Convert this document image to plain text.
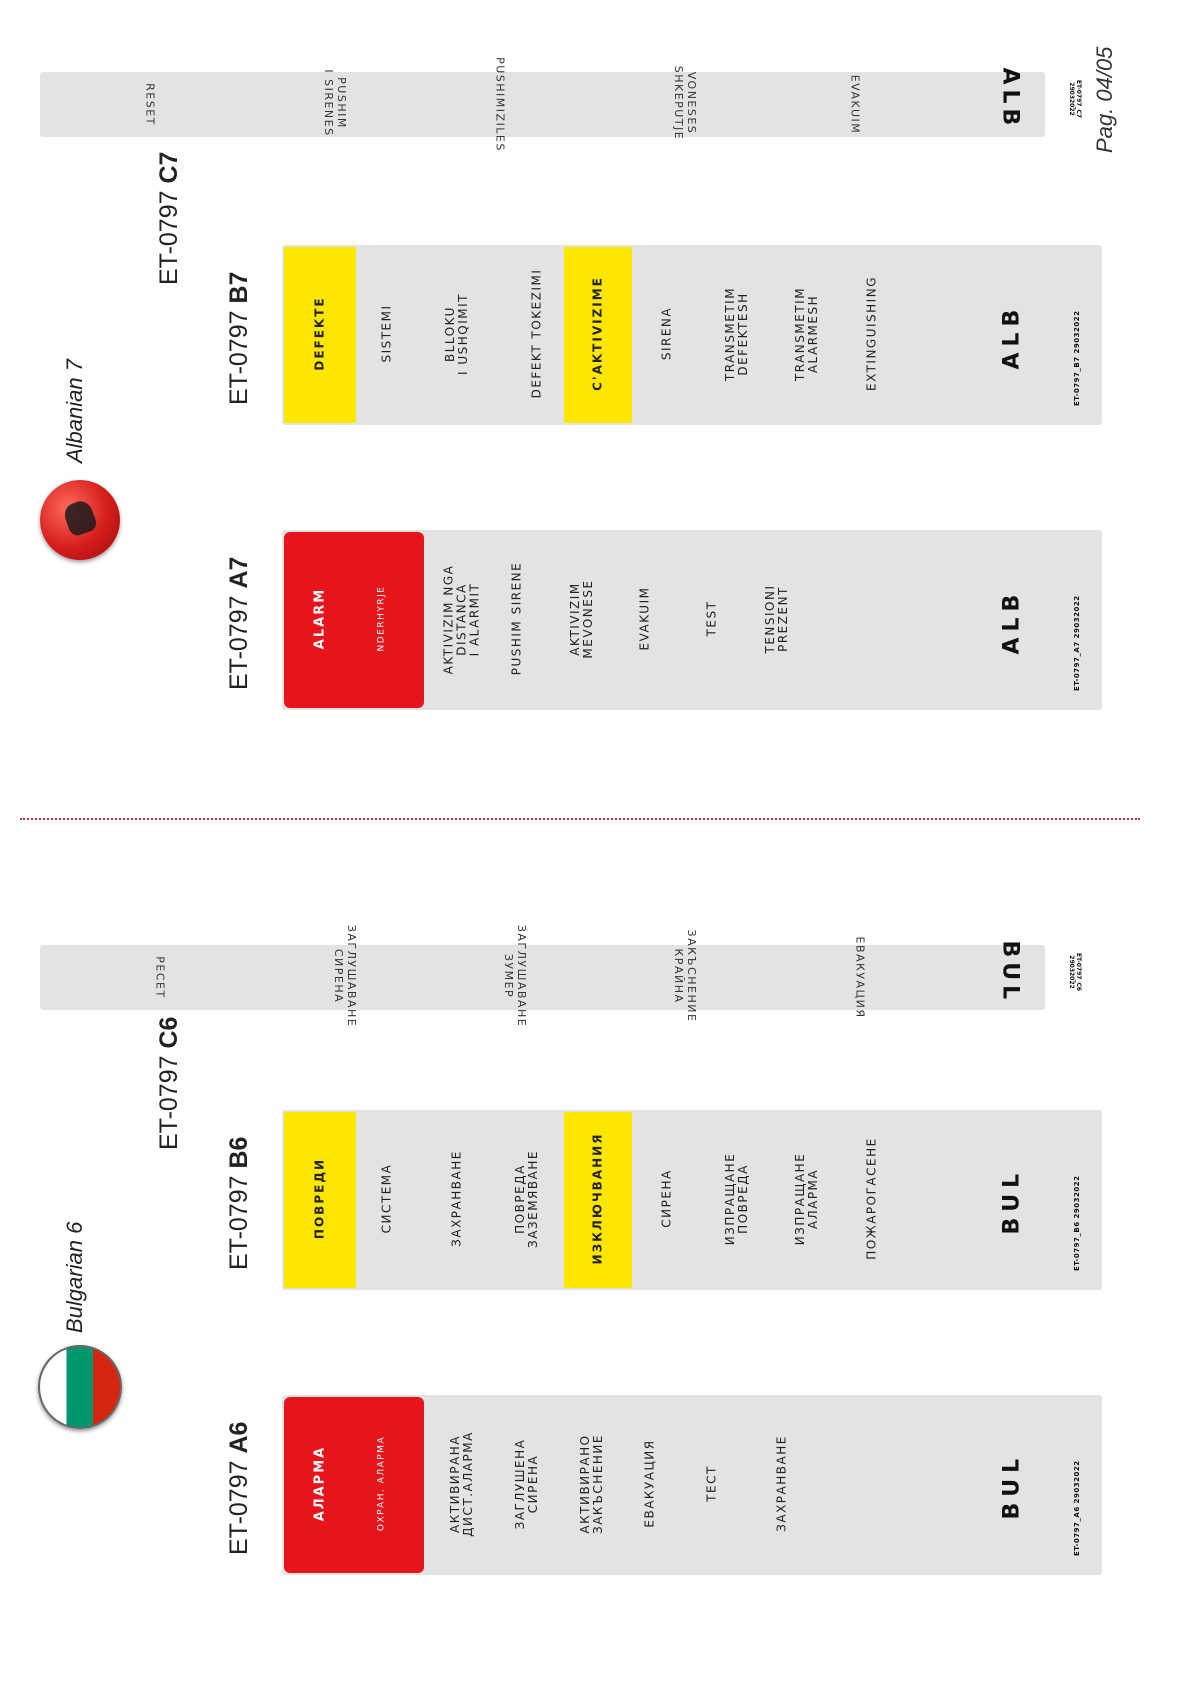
Pag. 04/05
RESET	PUSHIM
I SIRENES	PUSHIMIZILES	VONESES
SHKEPUTJE	EVAKUIM	ALB	ET-0797_C7
29032022
ET-0797 C7
Albanian 7
ET-0797 B7
DEFEKTE	SISTEMI	BLLOKU
I USHQIMIT	DEFEKT TOKEZIMI	C'AKTIVIZIME	SIRENA	TRANSMETIM
DEFEKTESH	TRANSMETIM
ALARMESH	EXTINGUISHING	ALB	ET-0797_B7 29032022
ET-0797 A7
ALARM	NDERHYRJE	AKTIVIZIM NGA
DISTANCA
I ALARMIT PUSHIM SIRENE	AKTIVIZIM
MEVONESE	EVAKUIM	TEST	TENSIONI
PREZENT	ALB	ET-0797_A7 29032022
РЕСЕТ	ЗАГЛУШАВАНЕ
СИРЕНА	ЗАГЛУШАВАНЕ
ЗУМЕР	ЗАКЪСНЕНИЕ
КРАЙНА	ЕВАКУАЦИЯ	BUL	ET-0797_C6
29032022
ET-0797 C6
Bulgarian 6	ET-0797 B6
ПОВРЕДИ	СИСТЕМА	ЗАХРАНВАНЕ	ПОВРЕДА
ЗАЗЕМЯВАНЕ	ИЗКЛЮЧВАНИЯ	СИРЕНА	ИЗПРАЩАНЕ
ПОВРЕДА	ИЗПРАЩАНЕ
АЛАРМА	ПОЖАРОГАСЕНЕ	BUL	ET-0797_B6 29032022
ET-0797 A6
АЛАРМА	ОХРАН. АЛАРМА	АКТИВИРАНА
ДИСТ.АЛАРМА	ЗАГЛУШЕНА
СИРЕНА	АКТИВИРАНО
ЗАКЪСНЕНИЕ	ЕВАКУАЦИЯ	ТЕСТ	ЗАХРАНВАНЕ	BUL	ET-0797_A6 29032022
